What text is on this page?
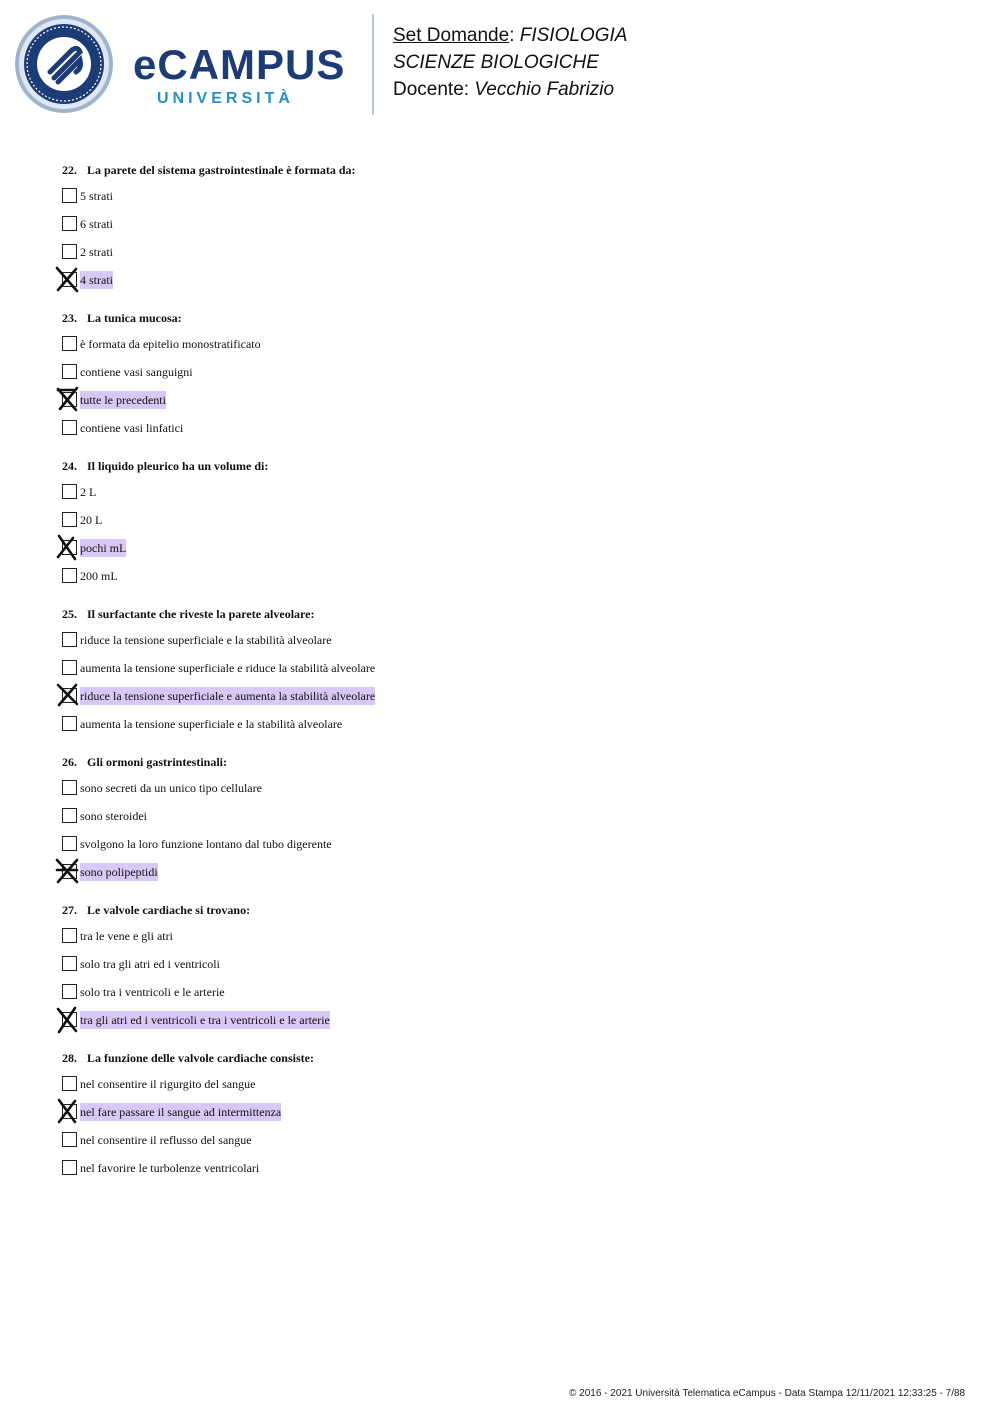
eCAMPUS
UNIVERSITÀ
Set Domande: FISIOLOGIA
SCIENZE BIOLOGICHE
Docente: Vecchio Fabrizio
22. La parete del sistema gastrointestinale è formata da:
5 strati
6 strati
2 strati
4 strati
23. La tunica mucosa:
è formata da epitelio monostratificato
contiene vasi sanguigni
tutte le precedenti
contiene vasi linfatici
24. Il liquido pleurico ha un volume di:
2 L
20 L
pochi mL
200 mL
25. Il surfactante che riveste la parete alveolare:
riduce la tensione superficiale e la stabilità alveolare
aumenta la tensione superficiale e riduce la stabilità alveolare
riduce la tensione superficiale e aumenta la stabilità alveolare
aumenta la tensione superficiale e la stabilità alveolare
26. Gli ormoni gastrintestinali:
sono secreti da un unico tipo cellulare
sono steroidei
svolgono la loro funzione lontano dal tubo digerente
sono polipeptidi
27. Le valvole cardiache si trovano:
tra le vene e gli atri
solo tra gli atri ed i ventricoli
solo tra i ventricoli e le arterie
tra gli atri ed i ventricoli e tra i ventricoli e le arterie
28. La funzione delle valvole cardiache consiste:
nel consentire il rigurgito del sangue
nel fare passare il sangue ad intermittenza
nel consentire il reflusso del sangue
nel favorire le turbolenze ventricolari
© 2016 - 2021 Università Telematica eCampus - Data Stampa 12/11/2021 12:33:25 - 7/88
